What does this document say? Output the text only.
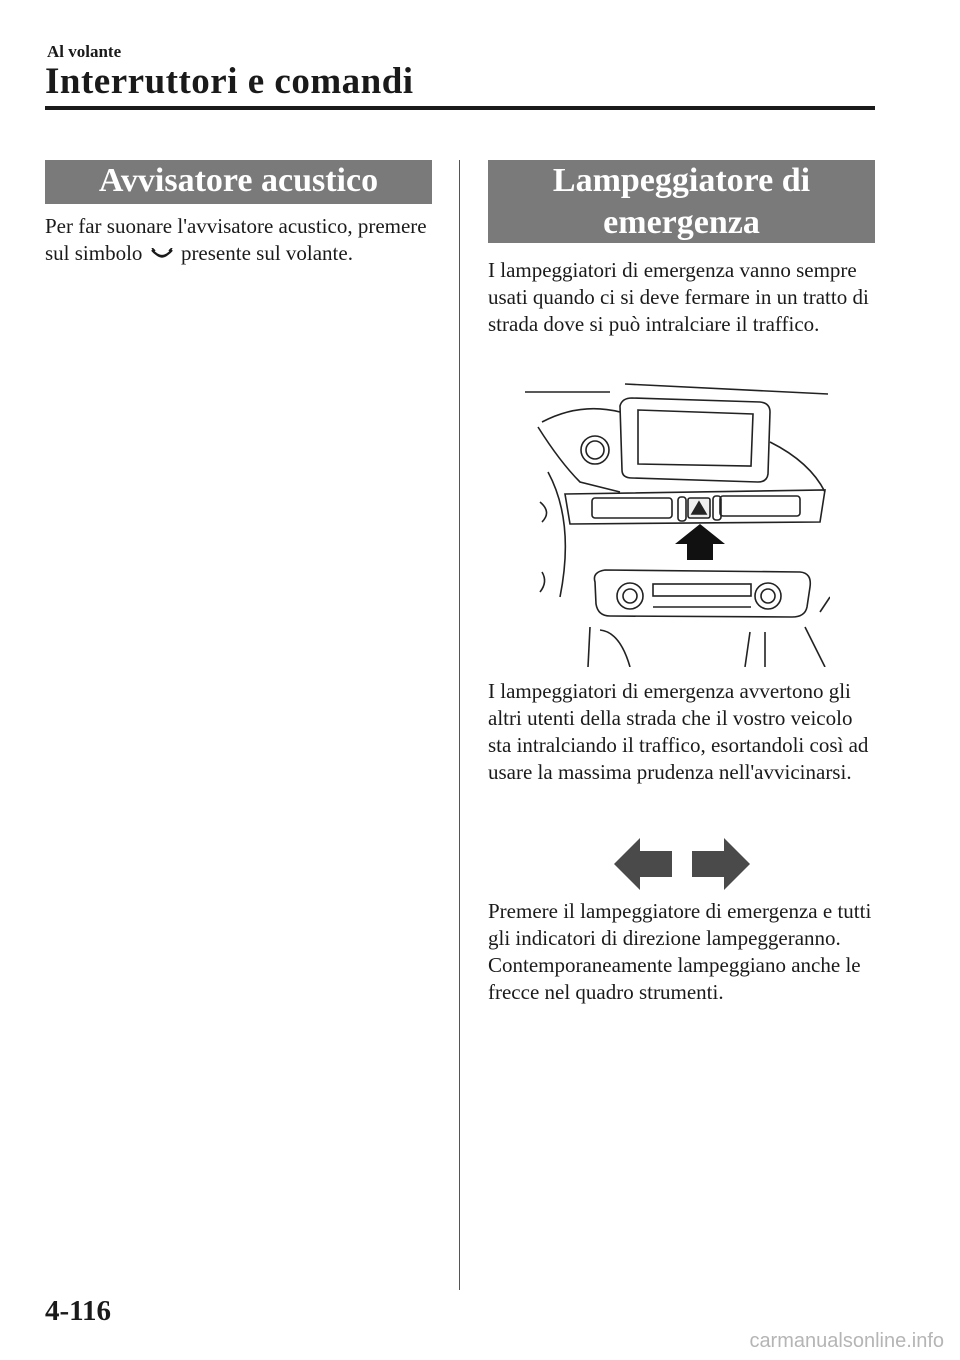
Al volante
Interruttori e comandi
Avvisatore acustico

Per far suonare l'avvisatore acustico, premere sul simbolo presente sul volante.

Lampeggiatore di
emergenza

I lampeggiatori di emergenza vanno sempre usati quando ci si deve fermare in un tratto di strada dove si può intralciare il traffico.

I lampeggiatori di emergenza avvertono gli altri utenti della strada che il vostro veicolo sta intralciando il traffico, esortandoli così ad usare la massima prudenza nell'avvicinarsi.

Premere il lampeggiatore di emergenza e tutti gli indicatori di direzione lampeggeranno. Contemporaneamente lampeggiano anche le frecce nel quadro strumenti.

4-116
carmanualsonline.info
